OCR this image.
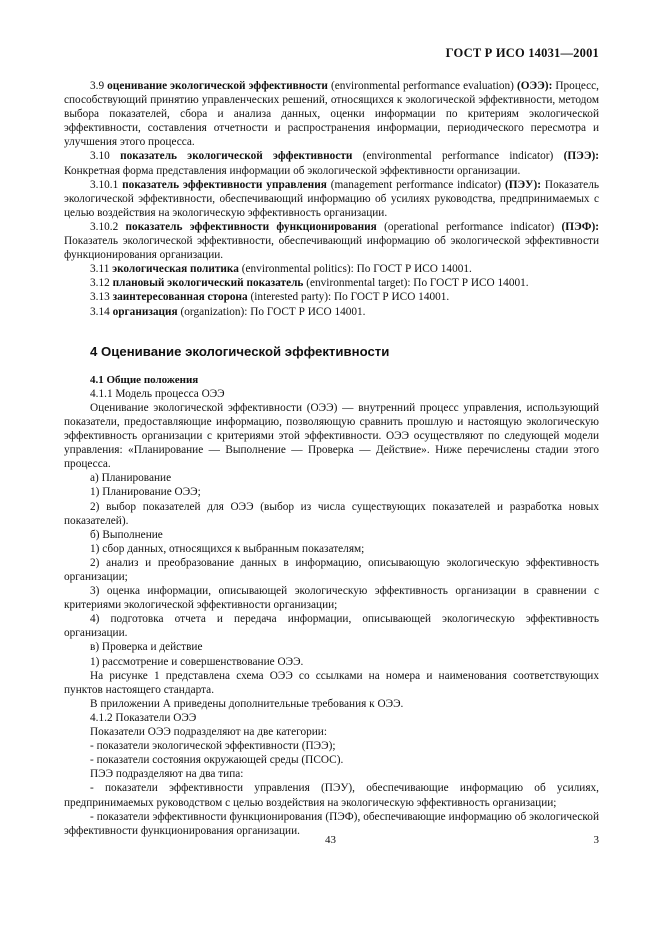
ГОСТ Р ИСО 14031—2001

3.9 оценивание экологической эффективности (environmental performance evaluation) (ОЭЭ): Процесс, способствующий принятию управленческих решений, относящихся к экологической эффективности, методом выбора показателей, сбора и анализа данных, оценки информации по критериям экологической эффективности, составления отчетности и распространения информации, периодического пересмотра и улучшения этого процесса.

3.10 показатель экологической эффективности (environmental performance indicator) (ПЭЭ): Конкретная форма представления информации об экологической эффективности организации.

3.10.1 показатель эффективности управления (management performance indicator) (ПЭУ): Показатель экологической эффективности, обеспечивающий информацию об усилиях руководства, предпринимаемых с целью воздействия на экологическую эффективность организации.

3.10.2 показатель эффективности функционирования (operational performance indicator) (ПЭФ): Показатель экологической эффективности, обеспечивающий информацию об экологической эффективности функционирования организации.

3.11 экологическая политика (environmental politics): По ГОСТ Р ИСО 14001.

3.12 плановый экологический показатель (environmental target): По ГОСТ Р ИСО 14001.

3.13 заинтересованная сторона (interested party): По ГОСТ Р ИСО 14001.

3.14 организация (organization): По ГОСТ Р ИСО 14001.

4 Оценивание экологической эффективности
4.1 Общие положения

4.1.1 Модель процесса ОЭЭ

Оценивание экологической эффективности (ОЭЭ) — внутренний процесс управления, использующий показатели, предоставляющие информацию, позволяющую сравнить прошлую и настоящую экологическую эффективность организации с критериями этой эффективности. ОЭЭ осуществляют по следующей модели управления: «Планирование — Выполнение — Проверка — Действие». Ниже перечислены стадии этого процесса.

а) Планирование

1) Планирование ОЭЭ;

2) выбор показателей для ОЭЭ (выбор из числа существующих показателей и разработка новых показателей).

б) Выполнение

1) сбор данных, относящихся к выбранным показателям;

2) анализ и преобразование данных в информацию, описывающую экологическую эффективность организации;

3) оценка информации, описывающей экологическую эффективность организации в сравнении с критериями экологической эффективности организации;

4) подготовка отчета и передача информации, описывающей экологическую эффективность организации.

в) Проверка и действие

1) рассмотрение и совершенствование ОЭЭ.

На рисунке 1 представлена схема ОЭЭ со ссылками на номера и наименования соответствующих пунктов настоящего стандарта.

В приложении А приведены дополнительные требования к ОЭЭ.

4.1.2 Показатели ОЭЭ

Показатели ОЭЭ подразделяют на две категории:

- показатели экологической эффективности (ПЭЭ);

- показатели состояния окружающей среды (ПСОС).

ПЭЭ подразделяют на два типа:

- показатели эффективности управления (ПЭУ), обеспечивающие информацию об усилиях, предпринимаемых руководством с целью воздействия на экологическую эффективность организации;

- показатели эффективности функционирования (ПЭФ), обеспечивающие информацию об экологической эффективности функционирования организации.

43	3
